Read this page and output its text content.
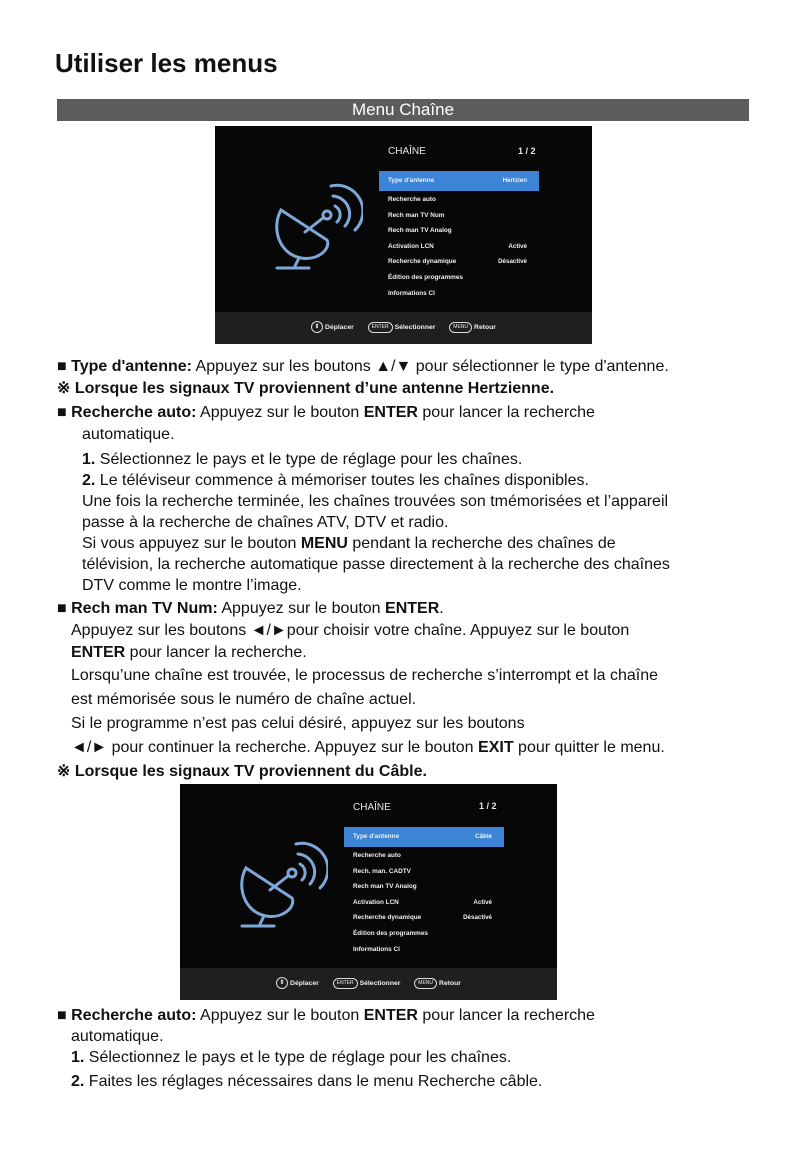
Utiliser les menus
Menu Chaîne
CHAÎNE	1 / 2
Type d'antenne	Hertzien
Recherche auto
Rech man TV Num
Rech man TV Analog
Activation LCN	Activé
Recherche dynamique	Désactivé
Édition des programmes
Informations CI
⇕ Déplacer	ENTER Sélectionner	MENU Retour
CHAÎNE	1 / 2
Type d'antenne	Câble
Recherche auto
Rech. man. CADTV
Rech man TV Analog
Activation LCN	Activé
Recherche dynamique	Désactivé
Édition des programmes
Informations CI
⇕ Déplacer	ENTER Sélectionner	MENU Retour

■ Type d'antenne: Appuyez sur les boutons ▲/▼ pour sélectionner le type d'antenne.

※ Lorsque les signaux TV proviennent d’une antenne Hertzienne.

■ Recherche auto: Appuyez sur le bouton ENTER pour lancer la recherche

automatique.

1. Sélectionnez le pays et le type de réglage pour les chaînes.

2. Le téléviseur commence à mémoriser toutes les chaînes disponibles.

Une fois la recherche terminée, les chaînes trouvées son tmémorisées et l’appareil

passe à la recherche de chaînes ATV, DTV et radio.

Si vous appuyez sur le bouton MENU pendant la recherche des chaînes de

télévision, la recherche automatique passe directement à la recherche des chaînes

DTV comme le montre l’image.

■ Rech man TV Num: Appuyez sur le bouton ENTER.

Appuyez sur les boutons ◄/►pour choisir votre chaîne. Appuyez sur le bouton

ENTER pour lancer la recherche.

Lorsqu’une chaîne est trouvée, le processus de recherche s’interrompt et la chaîne

est mémorisée sous le numéro de chaîne actuel.

Si le programme n’est pas celui désiré, appuyez sur les boutons

◄/► pour continuer la recherche. Appuyez sur le bouton EXIT pour quitter le menu.

※ Lorsque les signaux TV proviennent du Câble.

■ Recherche auto: Appuyez sur le bouton ENTER pour lancer la recherche

automatique.

1. Sélectionnez le pays et le type de réglage pour les chaînes.

2. Faites les réglages nécessaires dans le menu Recherche câble.
